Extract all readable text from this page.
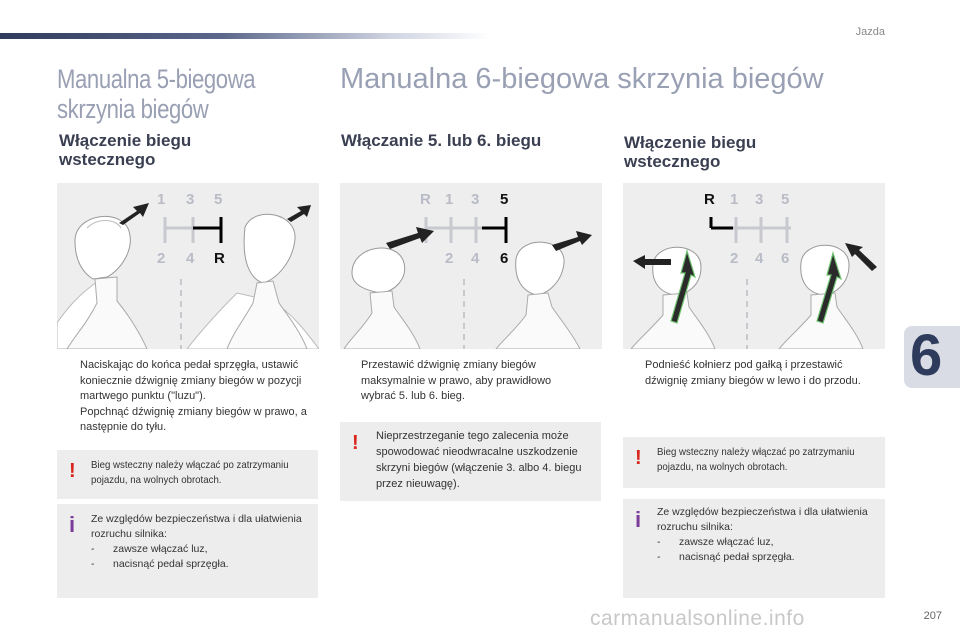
Jazda
Manualna 5-biegowa skrzynia biegów
Manualna 6-biegowa skrzynia biegów
Włączenie biegu wstecznego
1 3 5
2 4 R
Naciskając do końca pedał sprzęgła, ustawić koniecznie dźwignię zmiany biegów w pozycji martwego punktu ("luzu").
Popchnąć dźwignię zmiany biegów w prawo, a następnie do tyłu.
! Bieg wsteczny należy włączać po zatrzymaniu pojazdu, na wolnych obrotach.
i Ze względów bezpieczeństwa i dla ułatwienia rozruchu silnika:
-	zawsze włączać luz,
-	nacisnąć pedał sprzęgła.
Włączanie 5. lub 6. biegu
R 1 3 5
2 4 6
Przestawić dźwignię zmiany biegów maksymalnie w prawo, aby prawidłowo wybrać 5. lub 6. bieg.
! Nieprzestrzeganie tego zalecenia może spowodować nieodwracalne uszkodzenie skrzyni biegów (włączenie 3. albo 4. biegu przez nieuwagę).
Włączenie biegu wstecznego
R 1 3 5
2 4 6
Podnieść kołnierz pod gałką i przestawić dźwignię zmiany biegów w lewo i do przodu.
! Bieg wsteczny należy włączać po zatrzymaniu pojazdu, na wolnych obrotach.
i Ze względów bezpieczeństwa i dla ułatwienia rozruchu silnika:
-	zawsze włączać luz,
-	nacisnąć pedał sprzęgła.
6
carmanualsonline.info	207
